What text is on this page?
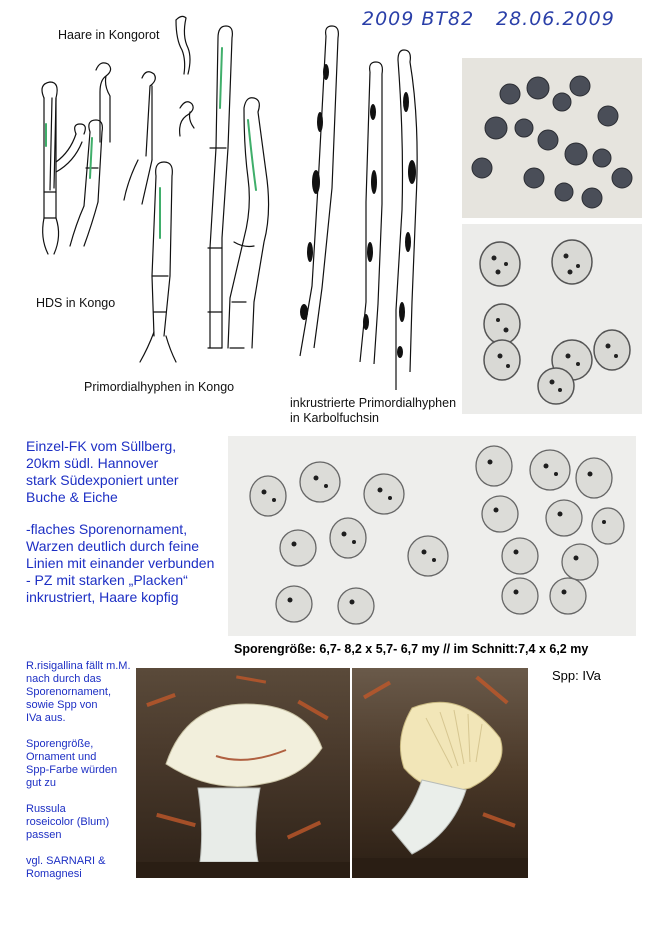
2009 BT82 28.06.2009
Haare in Kongorot
HDS in Kongo
Primordialhyphen in Kongo
inkrustrierte Primordialhyphen
in Karbolfuchsin
Einzel-FK vom Süllberg,
20km südl. Hannover
stark Südexponiert unter
Buche & Eiche
-flaches Sporenornament,
Warzen deutlich durch feine
Linien mit einander verbunden
- PZ mit starken „Placken“
inkrustriert, Haare kopfig
Sporengröße: 6,7- 8,2 x 5,7- 6,7 my // im Schnitt:7,4 x 6,2 my
Spp: IVa
R.risigallina fällt m.M.
nach durch das
Sporenornament,
sowie Spp von
IVa aus.
Sporengröße,
Ornament und
Spp-Farbe würden
gut zu
Russula
roseicolor (Blum)
passen
vgl. SARNARI &
Romagnesi
